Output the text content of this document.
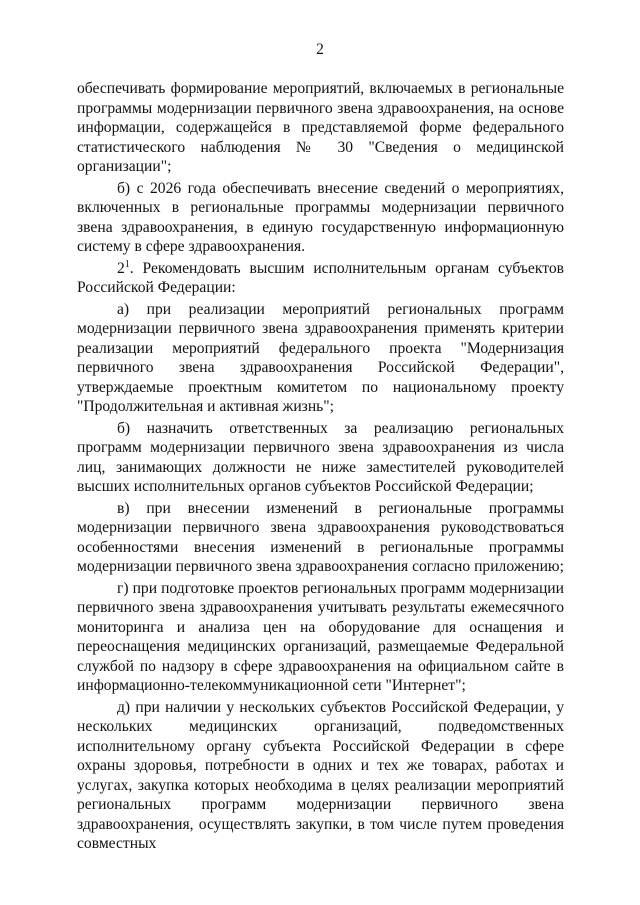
2

обеспечивать формирование мероприятий, включаемых в региональные программы модернизации первичного звена здравоохранения, на основе информации, содержащейся в представляемой форме федерального статистического наблюдения № 30 "Сведения о медицинской организации";

б) с 2026 года обеспечивать внесение сведений о мероприятиях, включенных в региональные программы модернизации первичного звена здравоохранения, в единую государственную информационную систему в сфере здравоохранения.

$2^1$. Рекомендовать высшим исполнительным органам субъектов Российской Федерации:

а) при реализации мероприятий региональных программ модернизации первичного звена здравоохранения применять критерии реализации мероприятий федерального проекта "Модернизация первичного звена здравоохранения Российской Федерации", утверждаемые проектным комитетом по национальному проекту "Продолжительная и активная жизнь";

б) назначить ответственных за реализацию региональных программ модернизации первичного звена здравоохранения из числа лиц, занимающих должности не ниже заместителей руководителей высших исполнительных органов субъектов Российской Федерации;

в) при внесении изменений в региональные программы модернизации первичного звена здравоохранения руководствоваться особенностями внесения изменений в региональные программы модернизации первичного звена здравоохранения согласно приложению;

г) при подготовке проектов региональных программ модернизации первичного звена здравоохранения учитывать результаты ежемесячного мониторинга и анализа цен на оборудование для оснащения и переоснащения медицинских организаций, размещаемые Федеральной службой по надзору в сфере здравоохранения на официальном сайте в информационно-телекоммуникационной сети "Интернет";

д) при наличии у нескольких субъектов Российской Федерации, у нескольких медицинских организаций, подведомственных исполнительному органу субъекта Российской Федерации в сфере охраны здоровья, потребности в одних и тех же товарах, работах и услугах, закупка которых необходима в целях реализации мероприятий региональных программ модернизации первичного звена здравоохранения, осуществлять закупки, в том числе путем проведения совместных
